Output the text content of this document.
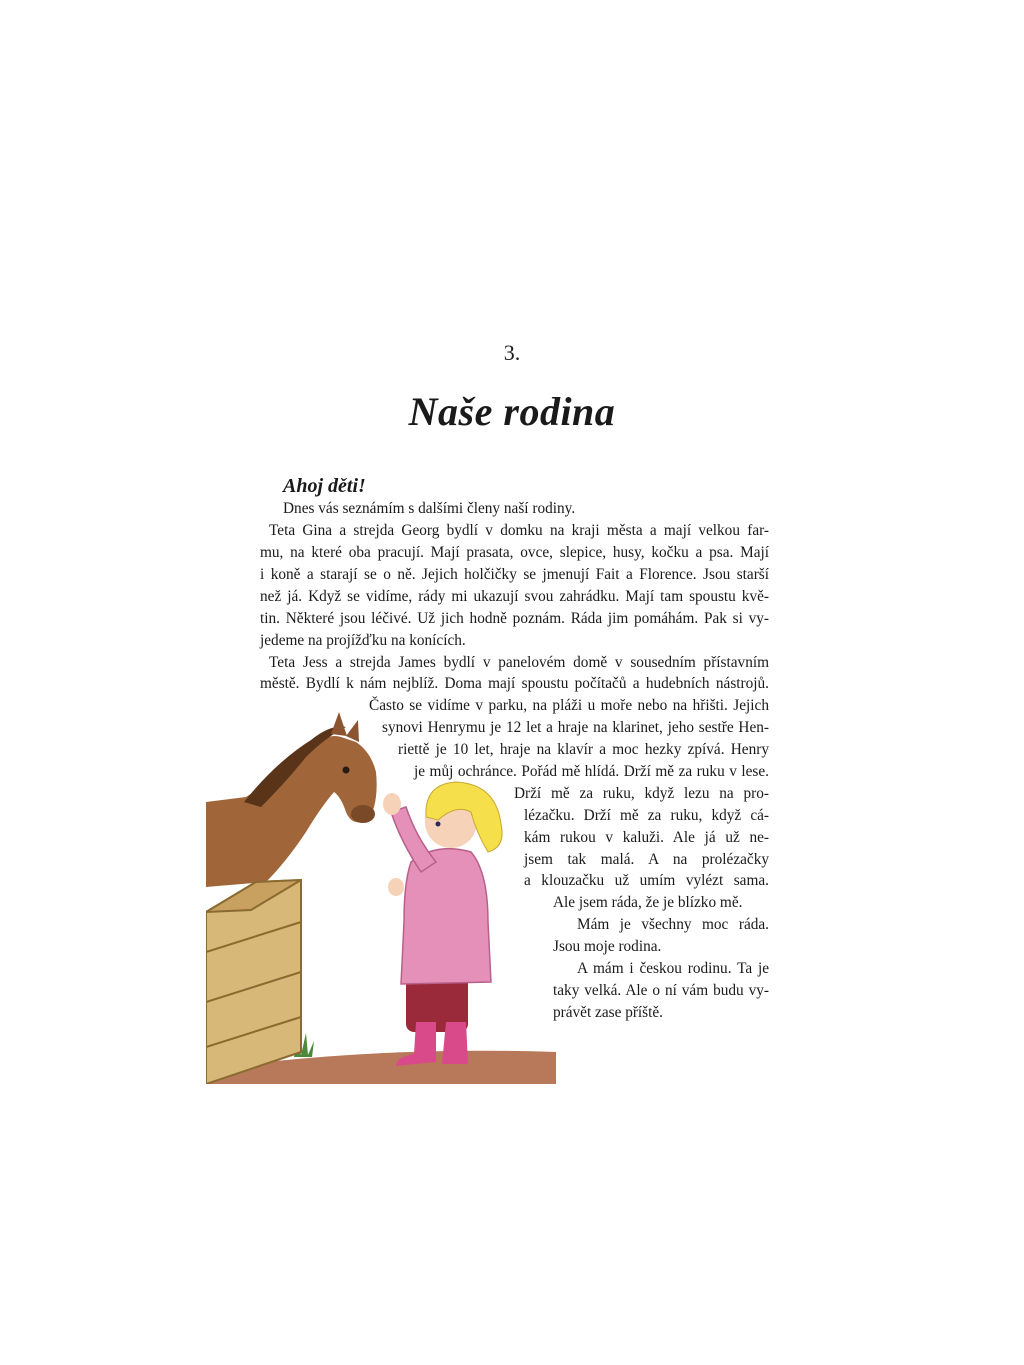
3.
Naše rodina
Ahoj děti!
Dnes vás seznámím s dalšími členy naší rodiny.
Teta Gina a strejda Georg bydlí v domku na kraji města a mají velkou far-
mu, na které oba pracují. Mají prasata, ovce, slepice, husy, kočku a psa. Mají
i koně a starají se o ně. Jejich holčičky se jmenují Fait a Florence. Jsou starší
než já. Když se vidíme, rády mi ukazují svou zahrádku. Mají tam spoustu kvě-
tin. Některé jsou léčivé. Už jich hodně poznám. Ráda jim pomáhám. Pak si vy-
jedeme na projížďku na konících.
Teta Jess a strejda James bydlí v panelovém domě v sousedním přístavním
městě. Bydlí k nám nejblíž. Doma mají spoustu počítačů a hudebních nástrojů.
Často se vidíme v parku, na pláži u moře nebo na hřišti. Jejich
synovi Henrymu je 12 let a hraje na klarinet, jeho sestře Hen-
riettě je 10 let, hraje na klavír a moc hezky zpívá. Henry
je můj ochránce. Pořád mě hlídá. Drží mě za ruku v lese.
Drží mě za ruku, když lezu na pro-
lézačku. Drží mě za ruku, když cá-
kám rukou v kaluži. Ale já už ne-
jsem tak malá. A na prolézačky
a klouzačku už umím vylézt sama.
Ale jsem ráda, že je blízko mě.
Mám je všechny moc ráda.
Jsou moje rodina.
A mám i českou rodinu. Ta je
taky velká. Ale o ní vám budu vy-
právět zase příště.
